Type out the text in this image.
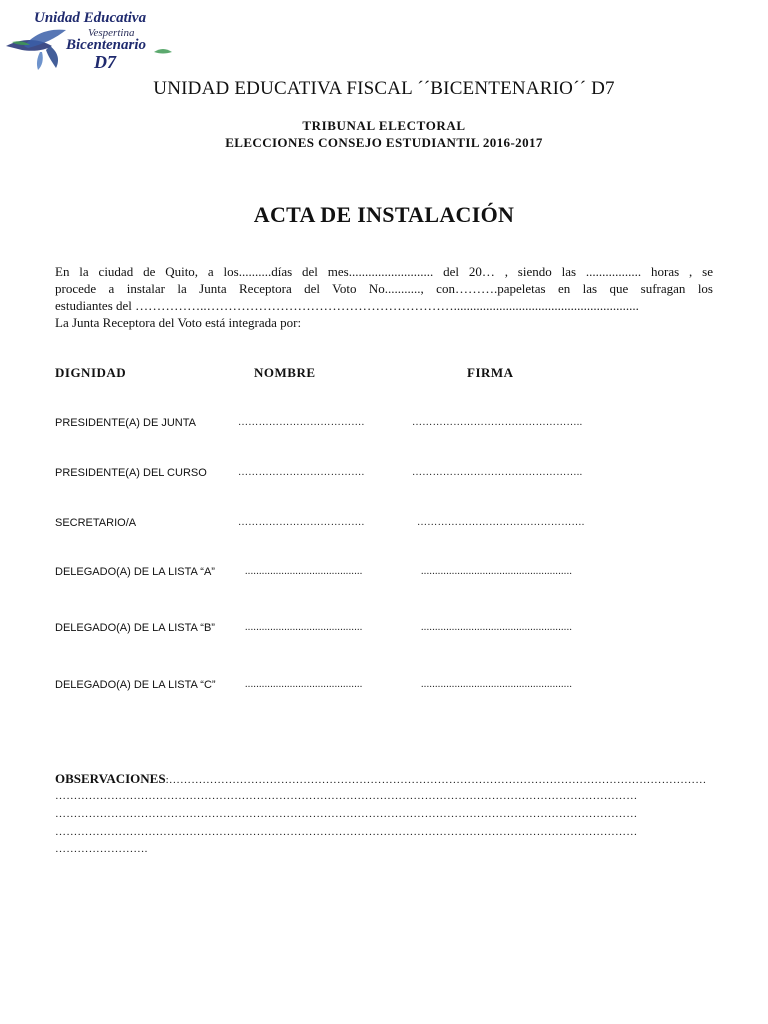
Unidad Educativa
Vespertina
Bicentenario
D7
UNIDAD EDUCATIVA FISCAL ´´BICENTENARIO´´ D7
TRIBUNAL ELECTORAL
ELECCIONES CONSEJO ESTUDIANTIL 2016-2017
ACTA DE INSTALACIÓN
En la ciudad de Quito, a los..........días del mes.......................... del 20… , siendo las ................. horas , se
procede a instalar la Junta Receptora del Voto No..........., con……….papeletas en las que sufragan los
estudiantes del ……………..………………………………………………….........................................................
La Junta Receptora del Voto está integrada por:
DIGNIDAD	NOMBRE	FIRMA
PRESIDENTE(A) DE JUNTA	……………………………….	…………………………………………..
PRESIDENTE(A) DEL CURSO	……………………………….	…………………………………………..
SECRETARIO/A	……………………………….	………………………………………….
DELEGADO(A) DE LA LISTA “A”	..........................................	......................................................
DELEGADO(A) DE LA LISTA “B”	..........................................	......................................................
DELEGADO(A) DE LA LISTA “C”	..........................................	......................................................
OBSERVACIONES:………………………………………………………………………………………………………………………………
…………………………………………………………………………………………………………………………………………
…………………………………………………………………………………………………………………………………………
…………………………………………………………………………………………………………………………………………
…………………….
